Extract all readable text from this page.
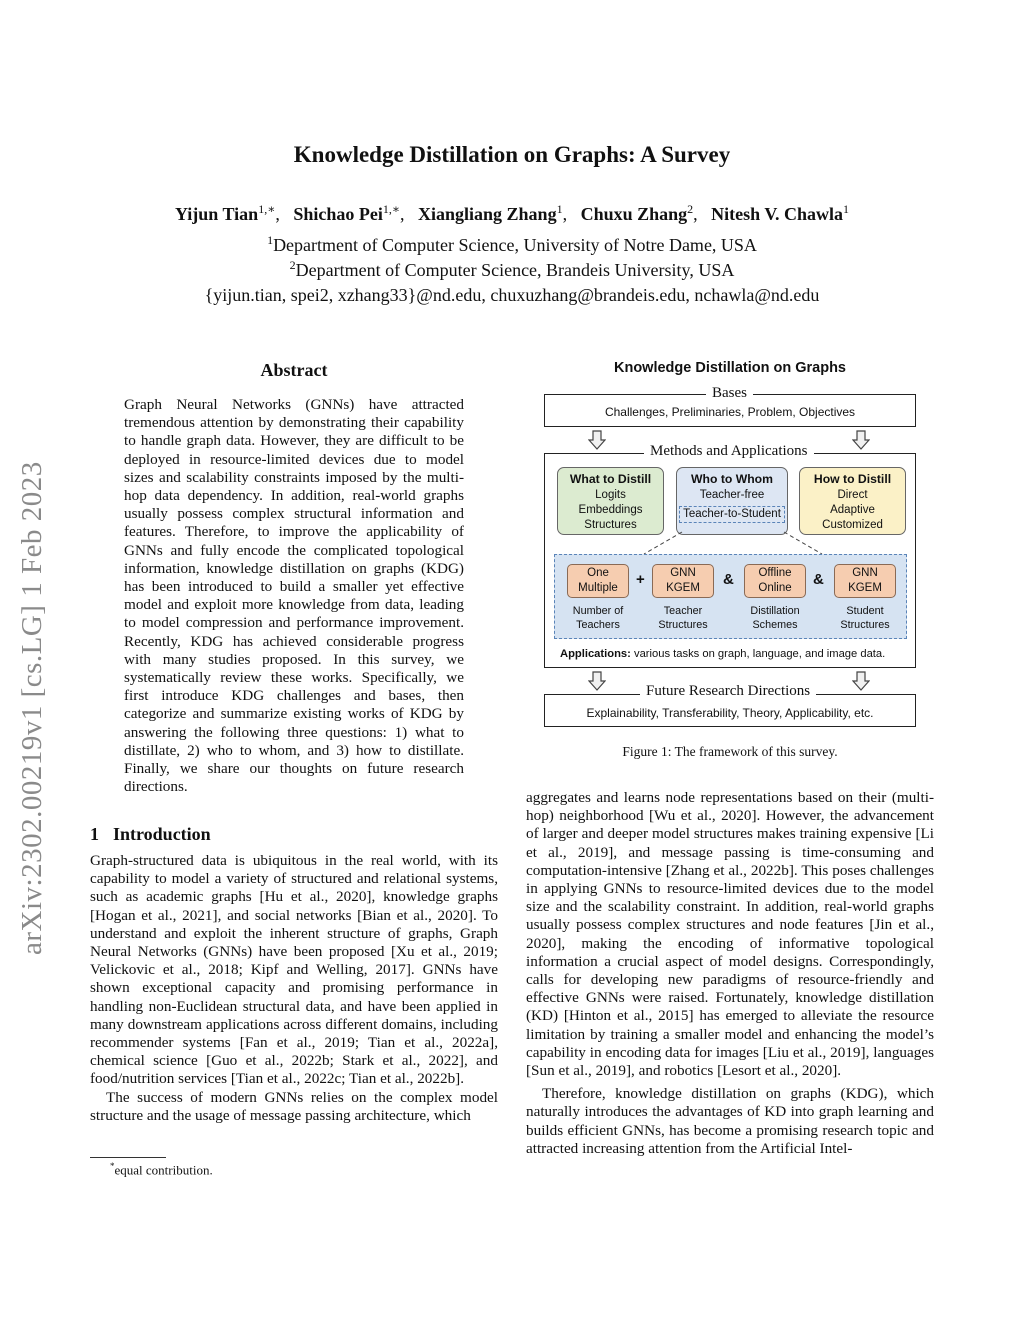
arXiv:2302.00219v1 [cs.LG] 1 Feb 2023
Knowledge Distillation on Graphs: A Survey
Yijun Tian$^{1,∗}$,   Shichao Pei$^{1,∗}$,   Xiangliang Zhang$^1$,   Chuxu Zhang$^2$,   Nitesh V. Chawla$^1$
$^1$Department of Computer Science, University of Notre Dame, USA
$^2$Department of Computer Science, Brandeis University, USA
{yijun.tian, spei2, xzhang33}@nd.edu, chuxuzhang@brandeis.edu, nchawla@nd.edu
Abstract

Graph Neural Networks (GNNs) have attracted tremendous attention by demonstrating their capability to handle graph data. However, they are difficult to be deployed in resource-limited devices due to model sizes and scalability constraints imposed by the multi-hop data dependency. In addition, real-world graphs usually possess complex structural information and features. Therefore, to improve the applicability of GNNs and fully encode the complicated topological information, knowledge distillation on graphs (KDG) has been introduced to build a smaller yet effective model and exploit more knowledge from data, leading to model compression and performance improvement. Recently, KDG has achieved considerable progress with many studies proposed. In this survey, we systematically review these works. Specifically, we first introduce KDG challenges and bases, then categorize and summarize existing works of KDG by answering the following three questions: 1) what to distillate, 2) who to whom, and 3) how to distillate. Finally, we share our thoughts on future research directions.

1 Introduction

Graph-structured data is ubiquitous in the real world, with its capability to model a variety of structured and relational systems, such as academic graphs [Hu et al., 2020], knowledge graphs [Hogan et al., 2021], and social networks [Bian et al., 2020]. To understand and exploit the inherent structure of graphs, Graph Neural Networks (GNNs) have been proposed [Xu et al., 2019; Velickovic et al., 2018; Kipf and Welling, 2017]. GNNs have shown exceptional capacity and promising performance in handling non-Euclidean structural data, and have been applied in many downstream applications across different domains, including recommender systems [Fan et al., 2019; Tian et al., 2022a], chemical science [Guo et al., 2022b; Stark et al., 2022], and food/nutrition services [Tian et al., 2022c; Tian et al., 2022b].

The success of modern GNNs relies on the complex model structure and the usage of message passing architecture, which

aggregates and learns node representations based on their (multi-hop) neighborhood [Wu et al., 2020]. However, the advancement of larger and deeper model structures makes training expensive [Li et al., 2019], and message passing is time-consuming and computation-intensive [Zhang et al., 2022b]. This poses challenges in applying GNNs to resource-limited devices due to the model size and the scalability constraint. In addition, real-world graphs usually possess complex structures and node features [Jin et al., 2020], making the encoding of informative topological information a crucial aspect of model designs. Correspondingly, calls for developing new paradigms of resource-friendly and effective GNNs were raised. Fortunately, knowledge distillation (KD) [Hinton et al., 2015] has emerged to alleviate the resource limitation by training a smaller model and enhancing the model’s capability in encoding data for images [Liu et al., 2019], languages [Sun et al., 2019], and robotics [Lesort et al., 2020].

Therefore, knowledge distillation on graphs (KDG), which naturally introduces the advantages of KD into graph learning and builds efficient GNNs, has become a promising research topic and attracted increasing attention from the Artificial Intel-

*equal contribution.
Knowledge Distillation on Graphs
Bases
Challenges, Preliminaries, Problem, Objectives
Methods and Applications
What to Distill
Logits
Embeddings
Structures
Who to Whom
Teacher-free
Teacher-to-Student
How to Distill
Direct
Adaptive
Customized
One
Multiple	+	GNN
KGEM	&	Offline
Online	&	GNN
KGEM
Number of
Teachers
Teacher
Structures
Distillation
Schemes
Student
Structures
Applications: various tasks on graph, language, and image data.
Future Research Directions
Explainability, Transferability, Theory, Applicability, etc.
Figure 1: The framework of this survey.
